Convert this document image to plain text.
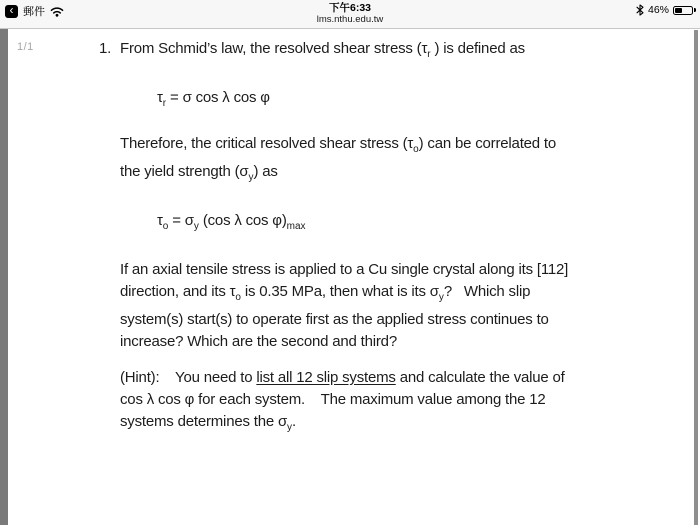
‹ 郵件	下午6:33
lms.nthu.edu.tw
46%
1/1	1. From Schmid’s law, the resolved shear stress ($\tau_r$ ) is defined as
$\tau_r = \sigma$ cos λ cos φ
Therefore, the critical resolved shear stress $(\tau_o)$ can be correlated to
the yield strength $(\sigma_y)$ as
$\tau_o = \sigma_y$ (cos λ $\cos \varphi)_{max}$
If an axial tensile stress is applied to a Cu single crystal along its [112]
direction, and its $\tau_o$ is 0.35 MPa, then what is its $\sigma_y$?   Which slip
system(s) start(s) to operate first as the applied stress continues to
increase? Which are the second and third?
(Hint):    You need to list all 12 slip systems and calculate the value of
cos λ cos φ for each system.    The maximum value among the 12
systems determines the $\sigma_y$.
